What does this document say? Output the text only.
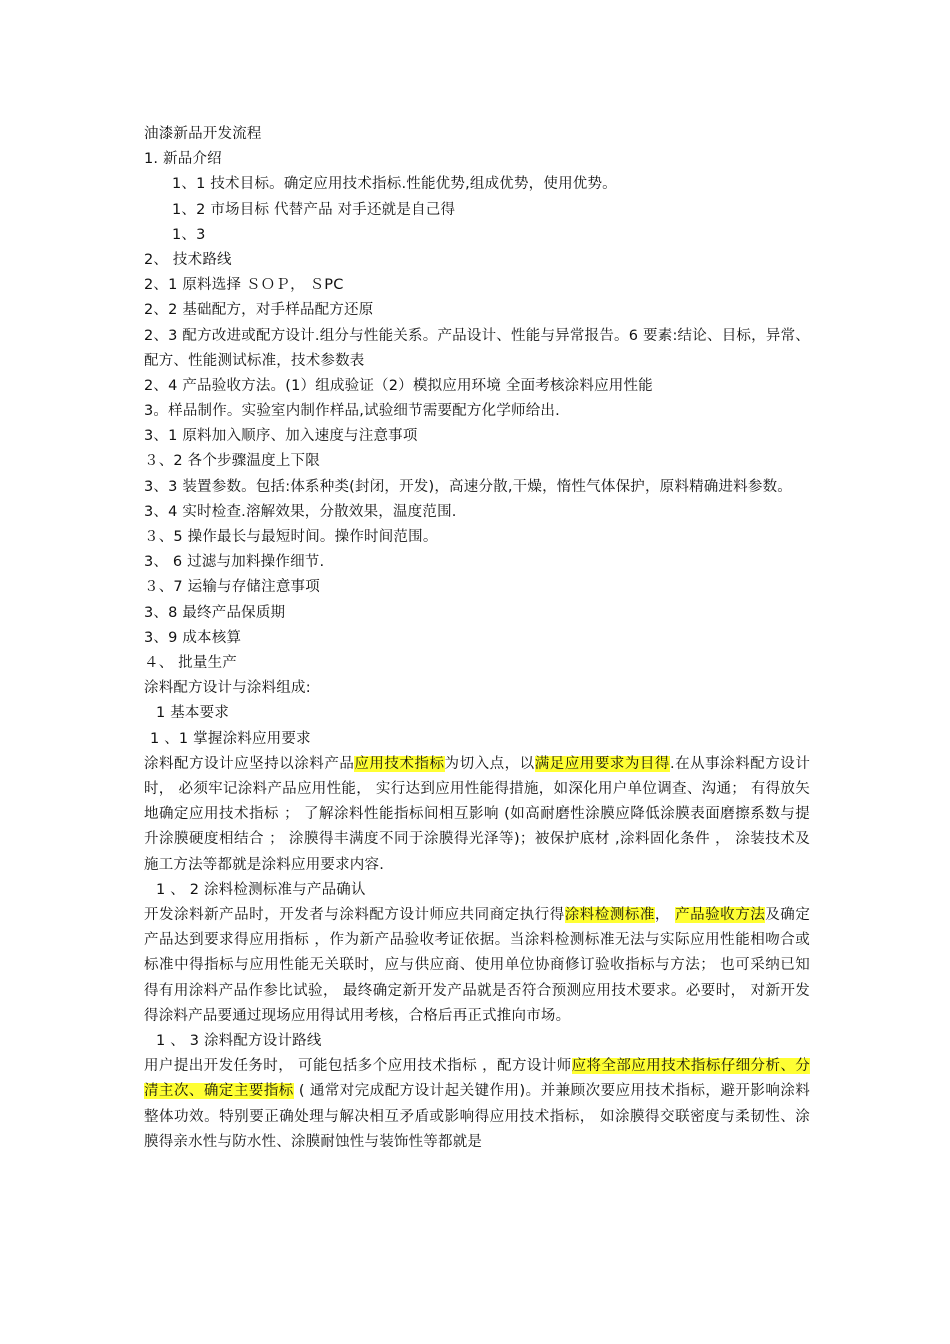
油漆新品开发流程
1. 新品介绍
1、1 技术目标。确定应用技术指标.性能优势,组成优势，使用优势。
1、2 市场目标 代替产品 对手还就是自己得
1、3
2、 技术路线
2、1 原料选择 ＳＯＰ， ＳPC
2、2 基础配方，对手样品配方还原
2、3 配方改进或配方设计.组分与性能关系。产品设计、性能与异常报告。6 要素:结论、目标，异常、配方、性能测试标准，技术参数表
2、4 产品验收方法。(1）组成验证（2）模拟应用环境 全面考核涂料应用性能
3。样品制作。实验室内制作样品,试验细节需要配方化学师给出.
3、1 原料加入顺序、加入速度与注意事项
３、2 各个步骤温度上下限
3、3 装置参数。包括:体系种类(封闭，开发)，高速分散,干燥，惰性气体保护，原料精确进料参数。
3、4 实时检查.溶解效果，分散效果，温度范围.
３、5 操作最长与最短时间。操作时间范围。
3、 6 过滤与加料操作细节.
３、7 运输与存储注意事项
3、8 最终产品保质期
3、9 成本核算
４、 批量生产
涂料配方设计与涂料组成:
1 基本要求
1 、1 掌握涂料应用要求
涂料配方设计应坚持以涂料产品应用技术指标为切入点，以满足应用要求为目得.在从事涂料配方设计时， 必须牢记涂料产品应用性能， 实行达到应用性能得措施，如深化用户单位调查、沟通； 有得放矢地确定应用技术指标 ； 了解涂料性能指标间相互影响 (如高耐磨性涂膜应降低涂膜表面磨擦系数与提升涂膜硬度相结合 ； 涂膜得丰满度不同于涂膜得光泽等)；被保护底材 ,涂料固化条件 ， 涂装技术及施工方法等都就是涂料应用要求内容.
1 、 2 涂料检测标准与产品确认
开发涂料新产品时，开发者与涂料配方设计师应共同商定执行得涂料检测标准， 产品验收方法及确定产品达到要求得应用指标 ，作为新产品验收考证依据。当涂料检测标准无法与实际应用性能相吻合或标准中得指标与应用性能无关联时，应与供应商、使用单位协商修订验收指标与方法； 也可采纳已知得有用涂料产品作参比试验， 最终确定新开发产品就是否符合预测应用技术要求。必要时， 对新开发得涂料产品要通过现场应用得试用考核，合格后再正式推向市场。
1 、 3 涂料配方设计路线
用户提出开发任务时， 可能包括多个应用技术指标 ，配方设计师应将全部应用技术指标仔细分析、分清主次、确定主要指标 ( 通常对完成配方设计起关键作用)。并兼顾次要应用技术指标，避开影响涂料整体功效。特别要正确处理与解决相互矛盾或影响得应用技术指标， 如涂膜得交联密度与柔韧性、涂膜得亲水性与防水性、涂膜耐蚀性与装饰性等都就是
